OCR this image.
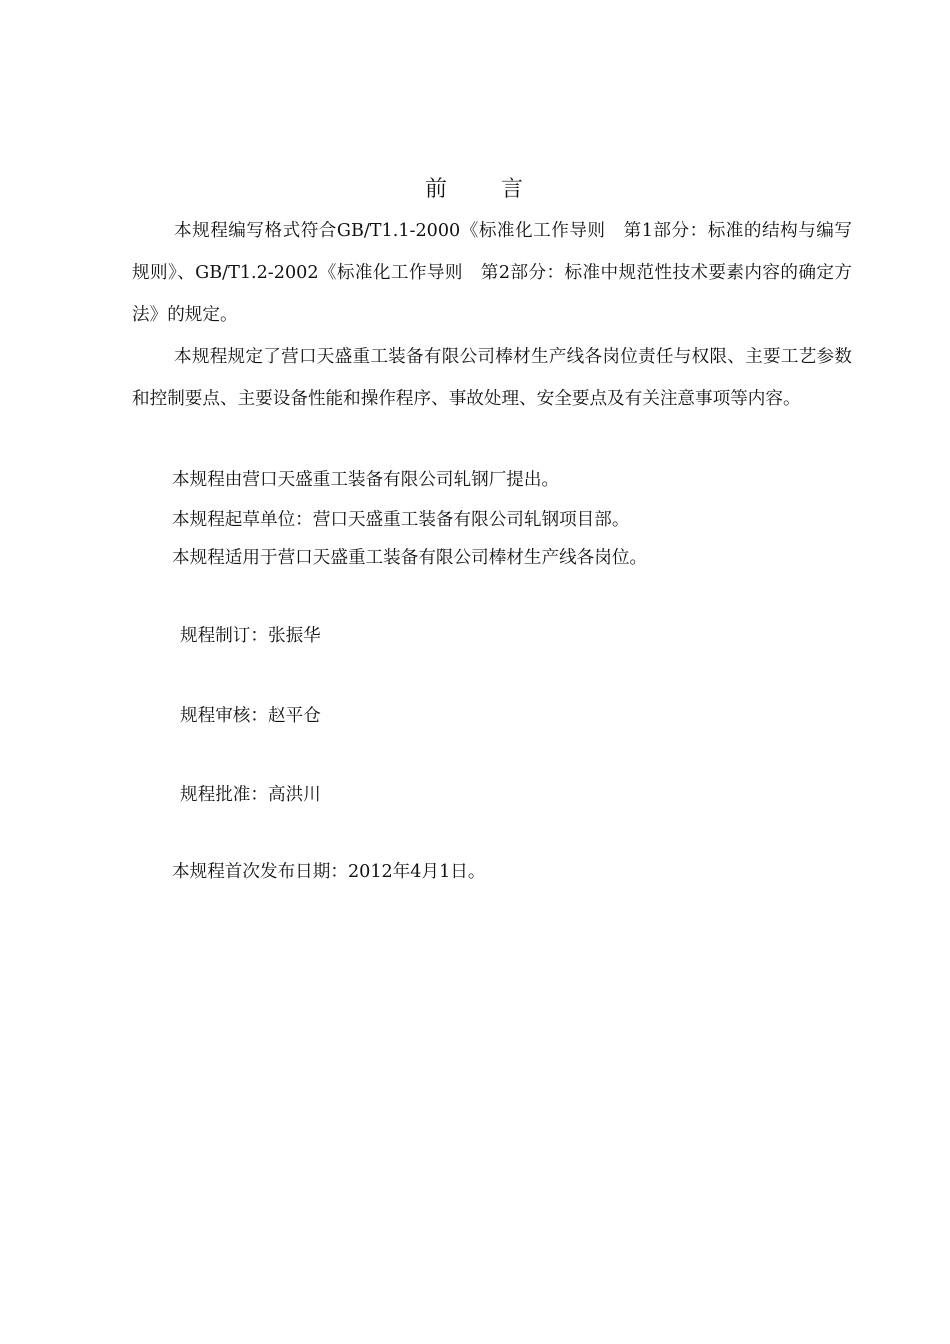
前 言
本规程编写格式符合GB/T1.1-2000《标准化工作导则　第1部分：标准的结构与编写规则》、GB/T1.2-2002《标准化工作导则　第2部分：标准中规范性技术要素内容的确定方法》的规定。
本规程规定了营口天盛重工装备有限公司棒材生产线各岗位责任与权限、主要工艺参数和控制要点、主要设备性能和操作程序、事故处理、安全要点及有关注意事项等内容。
本规程由营口天盛重工装备有限公司轧钢厂提出。
本规程起草单位：营口天盛重工装备有限公司轧钢项目部。
本规程适用于营口天盛重工装备有限公司棒材生产线各岗位。
规程制订：张振华
规程审核：赵平仓
规程批准：高洪川
本规程首次发布日期：2012年4月1日。
